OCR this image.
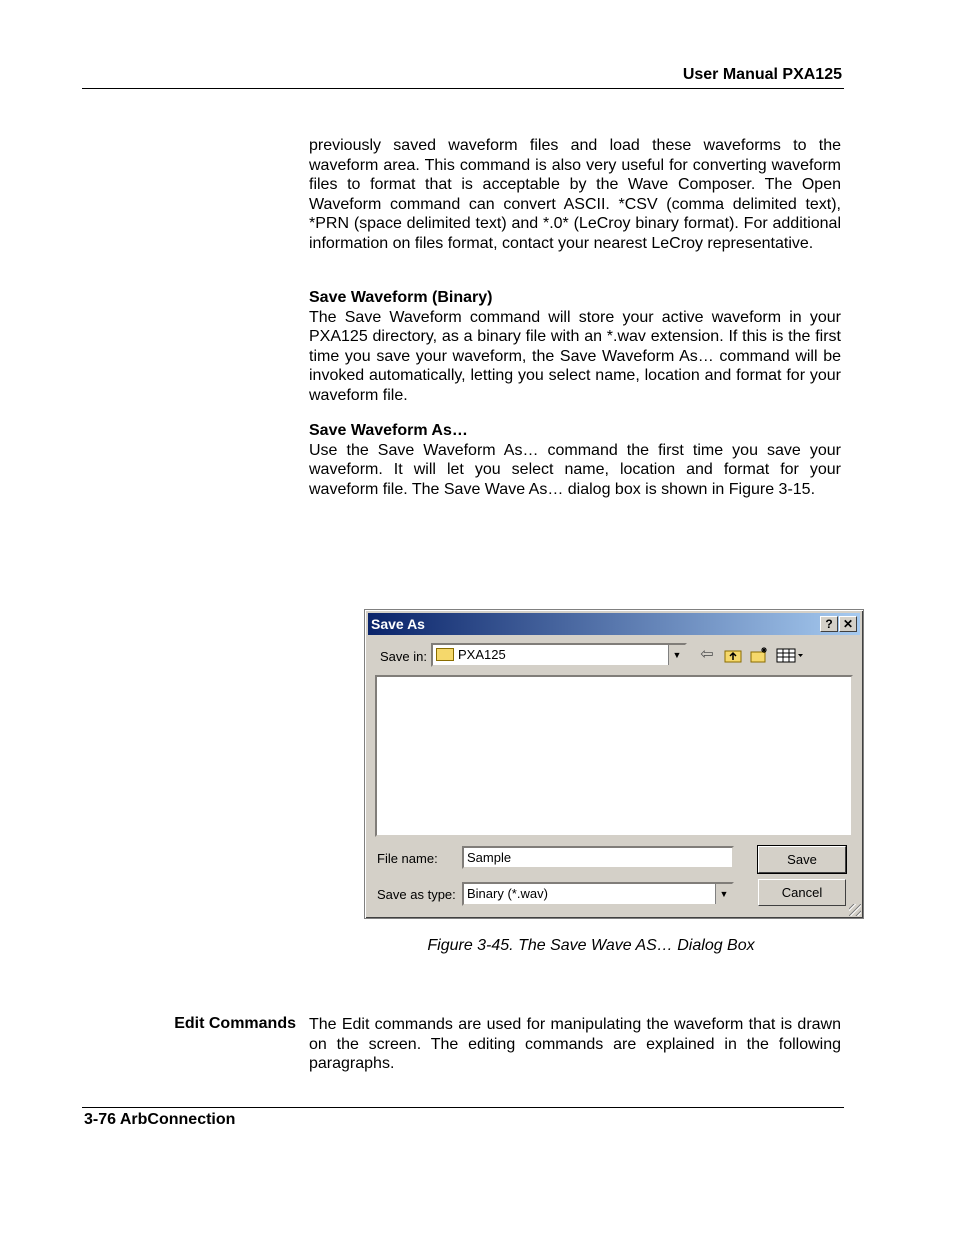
User Manual PXA125

previously saved waveform files and load these waveforms to the waveform area. This command is also very useful for converting waveform files to format that is acceptable by the Wave Composer. The Open Waveform command can convert ASCII. *CSV (comma delimited text), *PRN (space delimited text) and *.0* (LeCroy binary format). For additional information on files format, contact your nearest LeCroy representative.

Save Waveform (Binary)

The Save Waveform command will store your active waveform in your PXA125 directory, as a binary file with an *.wav extension. If this is the first time you save your waveform, the Save Waveform As… command will be invoked automatically, letting you select name, location and format for your waveform file.

Save Waveform As…

Use the Save Waveform As… command the first time you save your waveform. It will let you select name, location and format for your waveform file. The Save Wave As… dialog box is shown in Figure 3-15.

Save As	? ✕
Save in:	PXA125	▼ ⇦
File name: Sample
Save as type: Binary (*.wav)	▼
Save
Cancel
Figure 3-45. The Save Wave AS… Dialog Box
Edit Commands The Edit commands are used for manipulating the waveform that is drawn on the screen. The editing commands are explained in the following paragraphs.

3-76 ArbConnection
